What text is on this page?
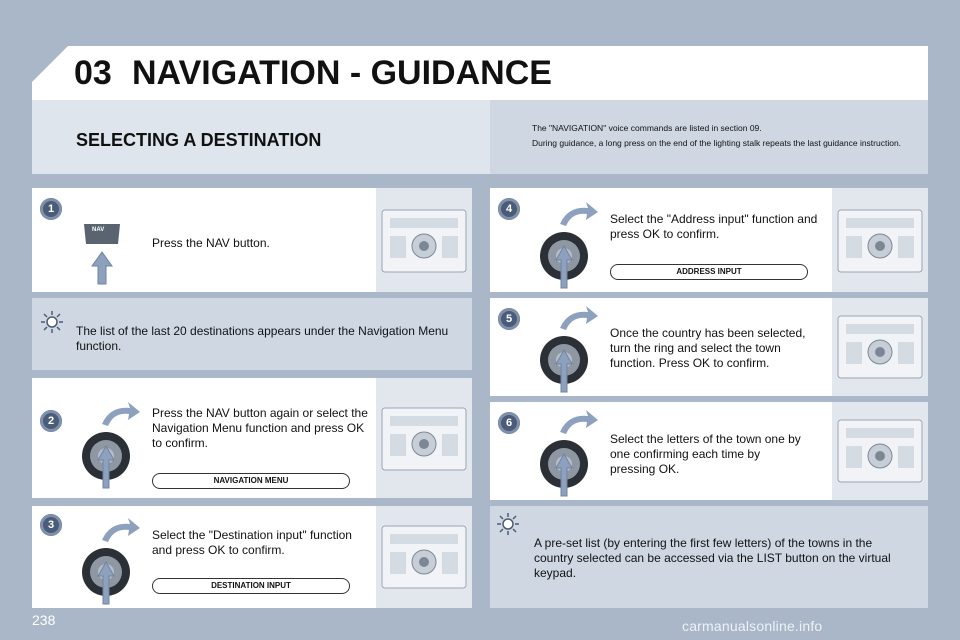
03 NAVIGATION - GUIDANCE
SELECTING A DESTINATION
The "NAVIGATION" voice commands are listed in section 09.
During guidance, a long press on the end of the lighting stalk repeats the last guidance instruction.
1
NAV
Press the NAV button.
The list of the last 20 destinations appears under the Navigation Menu function.
2
Press the NAV button again or select the Navigation Menu function and press OK to confirm.
NAVIGATION MENU
3
Select the "Destination input" function and press OK to confirm.
DESTINATION INPUT
4
Select the "Address input" function and press OK to confirm.
ADDRESS INPUT
5
Once the country has been selected, turn the ring and select the town function. Press OK to confirm.
6
Select the letters of the town one by one confirming each time by pressing OK.
A pre-set list (by entering the first few letters) of the towns in the country selected can be accessed via the LIST button on the virtual keypad.
238	carmanualsonline.info
